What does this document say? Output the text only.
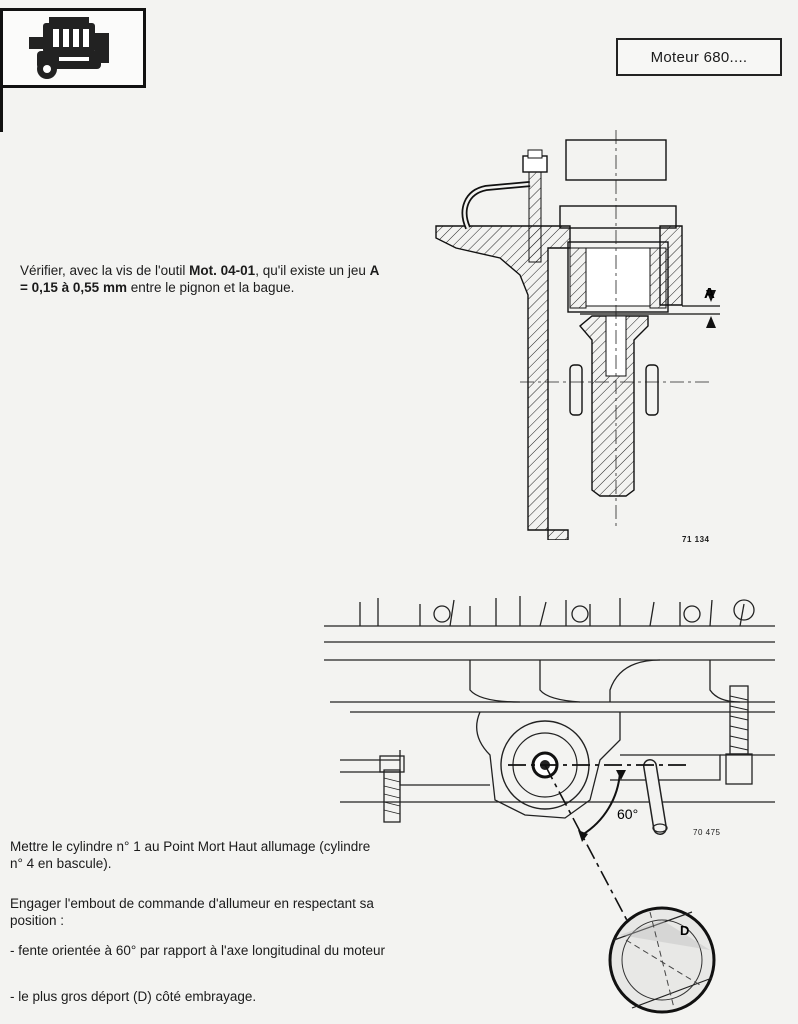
Moteur 680....
Vérifier, avec la vis de l'outil Mot. 04-01, qu'il existe un jeu A = 0,15 à 0,55 mm entre le pignon et la bague.
Mettre le cylindre n° 1 au Point Mort Haut allumage (cylindre n° 4 en bascule).
Engager l'embout de commande d'allumeur en respectant sa position :
- fente orientée à 60° par rapport à l'axe longitudinal du moteur
- le plus gros déport (D) côté embrayage.
A
71 134
60°
D
70 475
